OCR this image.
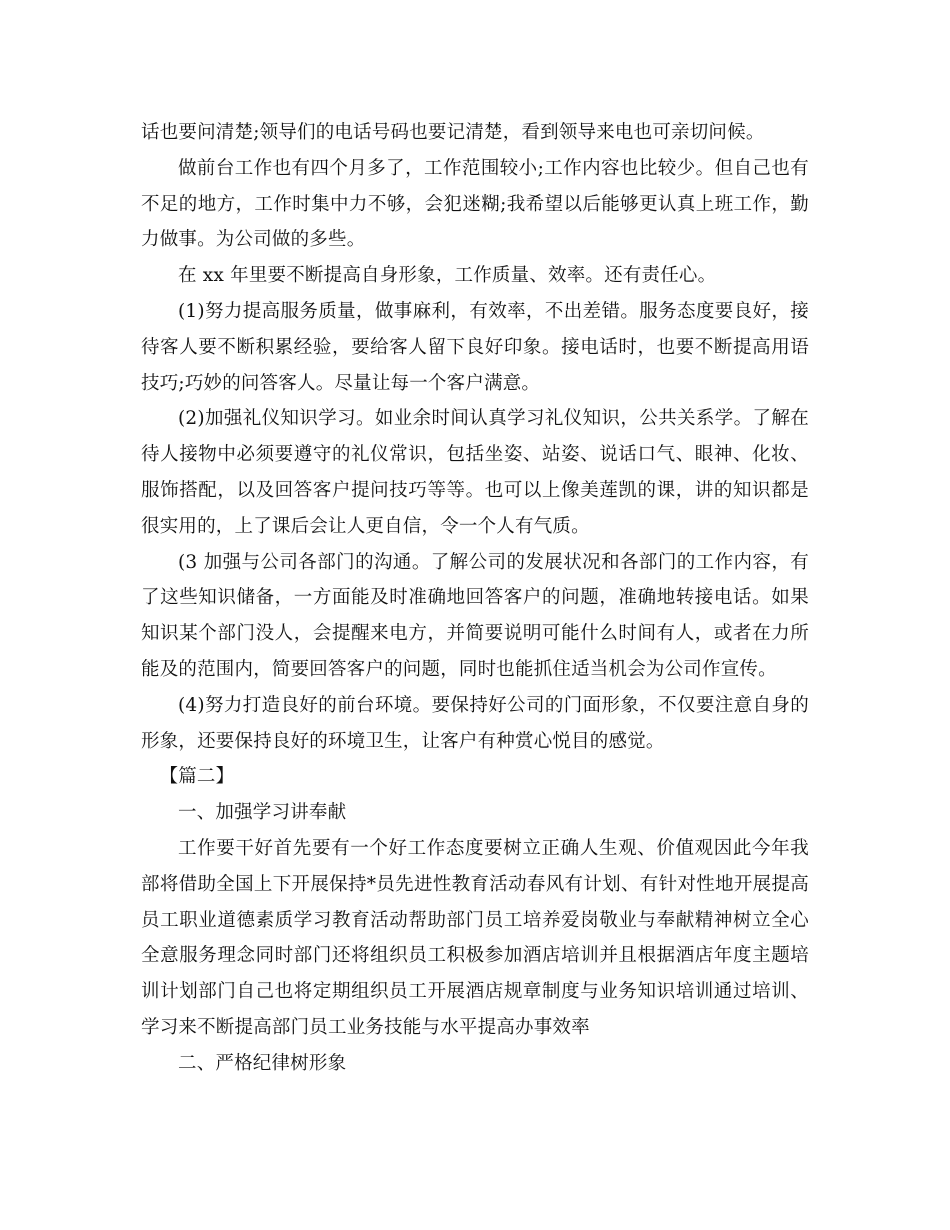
话也要问清楚;领导们的电话号码也要记清楚，看到领导来电也可亲切问候。

做前台工作也有四个月多了，工作范围较小;工作内容也比较少。但自己也有不足的地方，工作时集中力不够，会犯迷糊;我希望以后能够更认真上班工作，勤力做事。为公司做的多些。

在 xx 年里要不断提高自身形象，工作质量、效率。还有责任心。

(1)努力提高服务质量，做事麻利，有效率，不出差错。服务态度要良好，接待客人要不断积累经验，要给客人留下良好印象。接电话时，也要不断提高用语技巧;巧妙的问答客人。尽量让每一个客户满意。

(2)加强礼仪知识学习。如业余时间认真学习礼仪知识，公共关系学。了解在待人接物中必须要遵守的礼仪常识，包括坐姿、站姿、说话口气、眼神、化妆、服饰搭配，以及回答客户提问技巧等等。也可以上像美莲凯的课，讲的知识都是很实用的，上了课后会让人更自信，令一个人有气质。

(3 加强与公司各部门的沟通。了解公司的发展状况和各部门的工作内容，有了这些知识储备，一方面能及时准确地回答客户的问题，准确地转接电话。如果知识某个部门没人，会提醒来电方，并简要说明可能什么时间有人，或者在力所能及的范围内，简要回答客户的问题，同时也能抓住适当机会为公司作宣传。

(4)努力打造良好的前台环境。要保持好公司的门面形象，不仅要注意自身的形象，还要保持良好的环境卫生，让客户有种赏心悦目的感觉。

【篇二】

一、加强学习讲奉献

工作要干好首先要有一个好工作态度要树立正确人生观、价值观因此今年我部将借助全国上下开展保持*员先进性教育活动春风有计划、有针对性地开展提高员工职业道德素质学习教育活动帮助部门员工培养爱岗敬业与奉献精神树立全心全意服务理念同时部门还将组织员工积极参加酒店培训并且根据酒店年度主题培训计划部门自己也将定期组织员工开展酒店规章制度与业务知识培训通过培训、学习来不断提高部门员工业务技能与水平提高办事效率

二、严格纪律树形象
